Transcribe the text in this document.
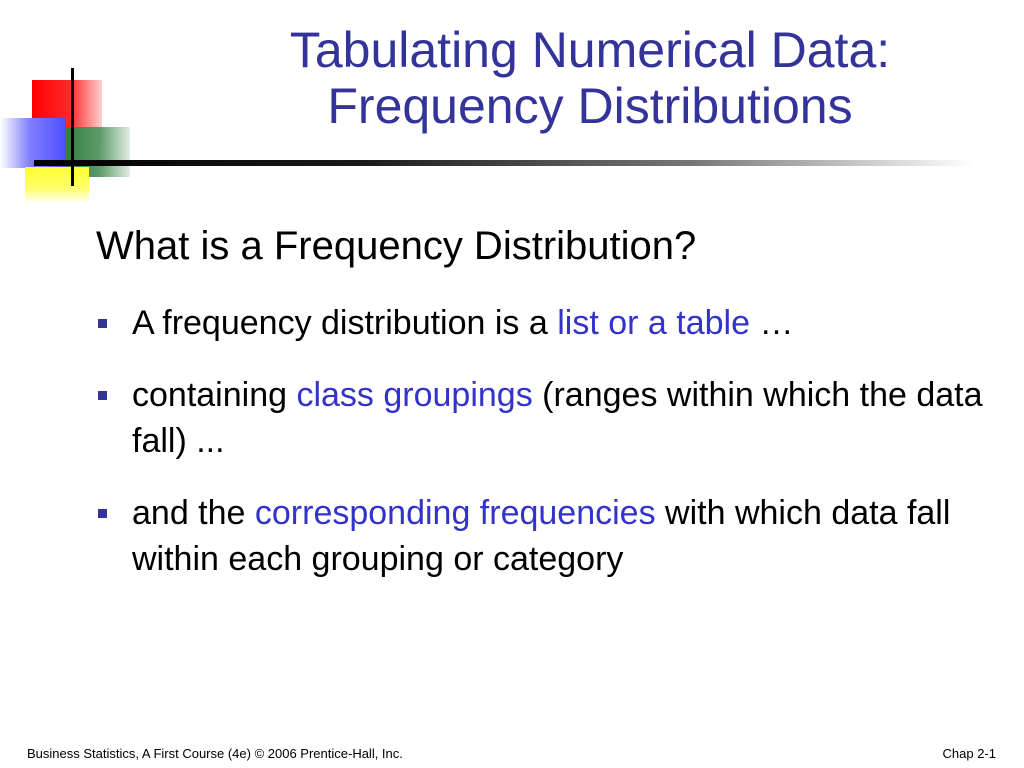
Tabulating Numerical Data:
Frequency Distributions
What is a Frequency Distribution?
A frequency distribution is a list or a table …
containing class groupings (ranges within which the data fall) ...
and the corresponding frequencies with which data fall within each grouping or category
Business Statistics, A First Course (4e) © 2006 Prentice-Hall, Inc.	Chap 2-1
